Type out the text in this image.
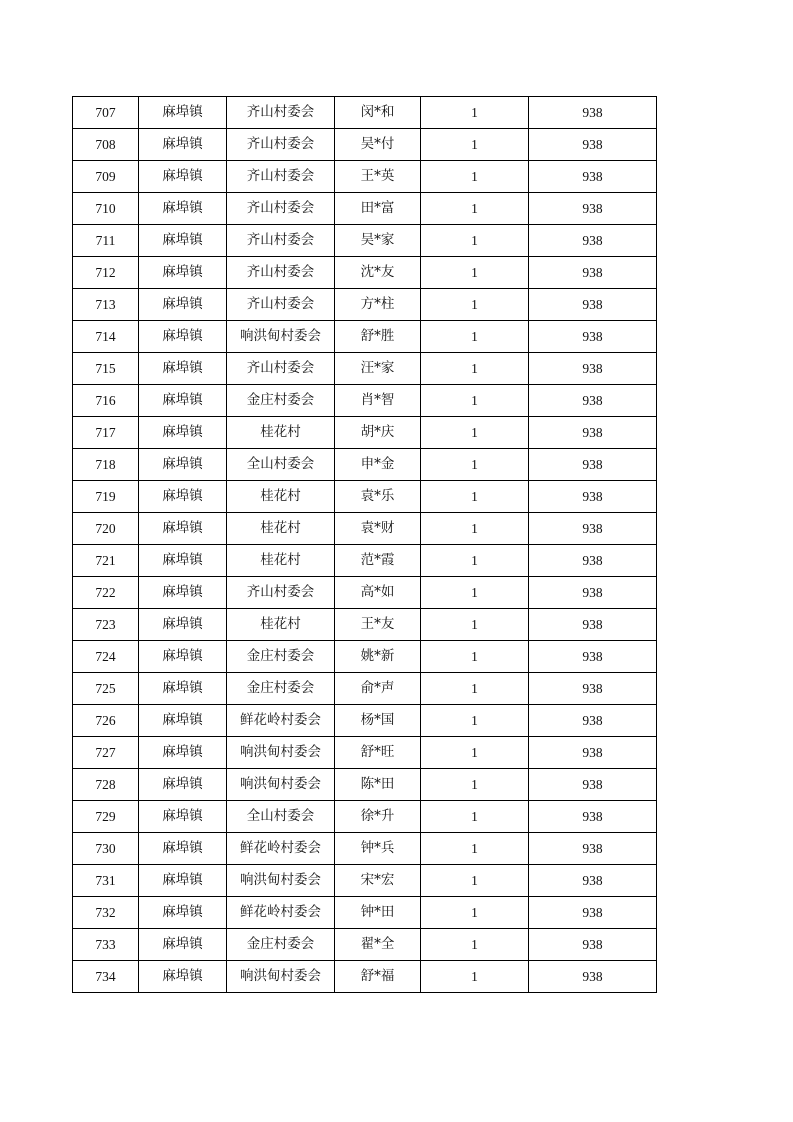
707	麻埠镇	齐山村委会	闵*和	1	938
708	麻埠镇	齐山村委会	吴*付	1	938
709	麻埠镇	齐山村委会	王*英	1	938
710	麻埠镇	齐山村委会	田*富	1	938
711	麻埠镇	齐山村委会	吴*家	1	938
712	麻埠镇	齐山村委会	沈*友	1	938
713	麻埠镇	齐山村委会	方*柱	1	938
714	麻埠镇	响洪甸村委会	舒*胜	1	938
715	麻埠镇	齐山村委会	汪*家	1	938
716	麻埠镇	金庄村委会	肖*智	1	938
717	麻埠镇	桂花村	胡*庆	1	938
718	麻埠镇	全山村委会	申*金	1	938
719	麻埠镇	桂花村	袁*乐	1	938
720	麻埠镇	桂花村	袁*财	1	938
721	麻埠镇	桂花村	范*霞	1	938
722	麻埠镇	齐山村委会	高*如	1	938
723	麻埠镇	桂花村	王*友	1	938
724	麻埠镇	金庄村委会	姚*新	1	938
725	麻埠镇	金庄村委会	俞*声	1	938
726	麻埠镇	鲜花岭村委会	杨*国	1	938
727	麻埠镇	响洪甸村委会	舒*旺	1	938
728	麻埠镇	响洪甸村委会	陈*田	1	938
729	麻埠镇	全山村委会	徐*升	1	938
730	麻埠镇	鲜花岭村委会	钟*兵	1	938
731	麻埠镇	响洪甸村委会	宋*宏	1	938
732	麻埠镇	鲜花岭村委会	钟*田	1	938
733	麻埠镇	金庄村委会	翟*全	1	938
734	麻埠镇	响洪甸村委会	舒*福	1	938
